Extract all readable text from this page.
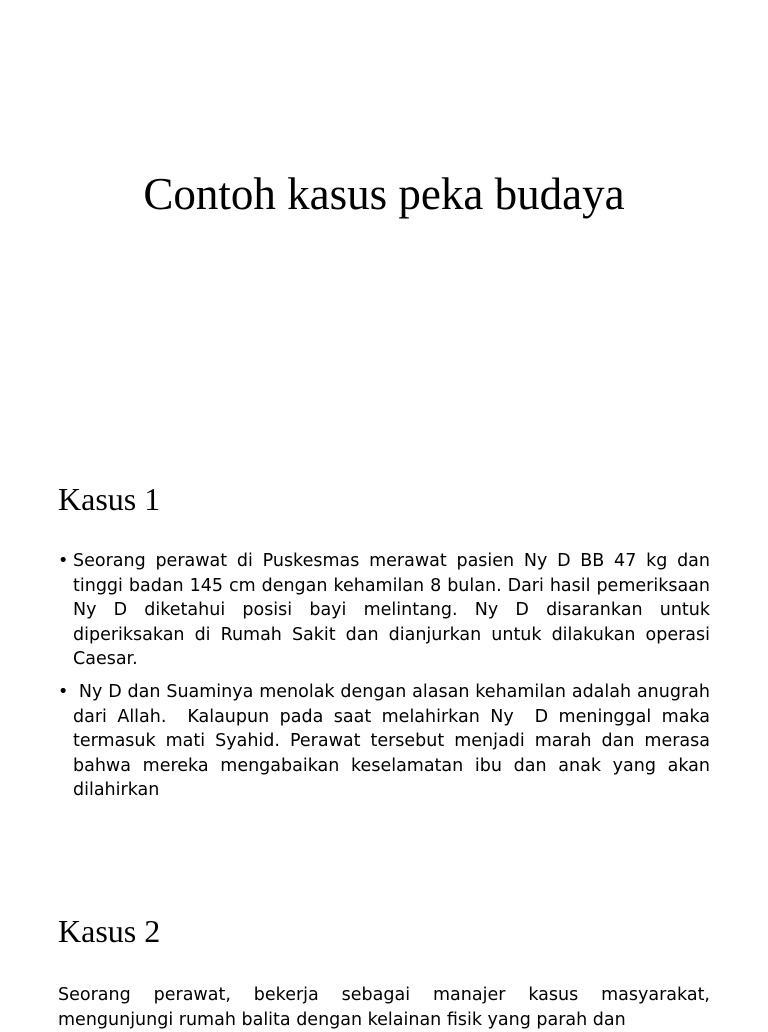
Contoh kasus peka budaya
Kasus 1
• Seorang perawat di Puskesmas merawat pasien Ny D BB 47 kg dan tinggi badan 145 cm dengan kehamilan 8 bulan. Dari hasil pemeriksaan Ny D diketahui posisi bayi melintang. Ny D disarankan untuk diperiksakan di Rumah Sakit dan dianjurkan untuk dilakukan operasi Caesar.
• Ny D dan Suaminya menolak dengan alasan kehamilan adalah anugrah dari Allah.  Kalaupun pada saat melahirkan Ny  D meninggal maka termasuk mati Syahid. Perawat tersebut menjadi marah dan merasa bahwa mereka mengabaikan keselamatan ibu dan anak yang akan dilahirkan
Kasus 2

Seorang perawat, bekerja sebagai manajer kasus masyarakat, mengunjungi rumah balita dengan kelainan fisik yang parah dan
